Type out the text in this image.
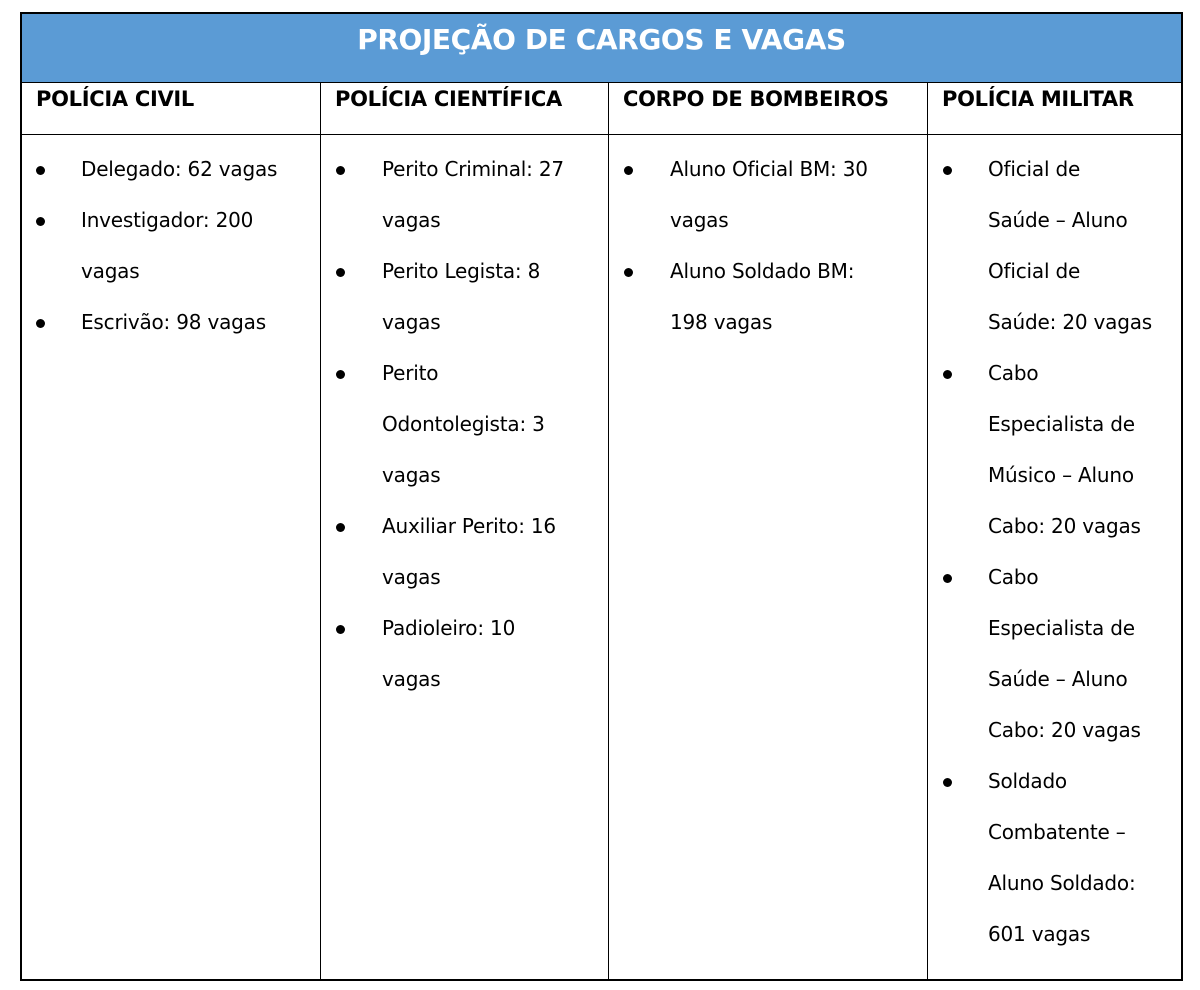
PROJEÇÃO DE CARGOS E VAGAS
POLÍCIA CIVIL
Delegado: 62 vagas
Investigador: 200
vagas
Escrivão: 98 vagas
POLÍCIA CIENTÍFICA
Perito Criminal: 27
vagas
Perito Legista: 8
vagas
Perito
Odontolegista: 3
vagas
Auxiliar Perito: 16
vagas
Padioleiro: 10
vagas
CORPO DE BOMBEIROS
Aluno Oficial BM: 30
vagas
Aluno Soldado BM:
198 vagas
POLÍCIA MILITAR
Oficial de
Saúde – Aluno
Oficial de
Saúde: 20 vagas
Cabo
Especialista de
Músico – Aluno
Cabo: 20 vagas
Cabo
Especialista de
Saúde – Aluno
Cabo: 20 vagas
Soldado
Combatente –
Aluno Soldado:
601 vagas
